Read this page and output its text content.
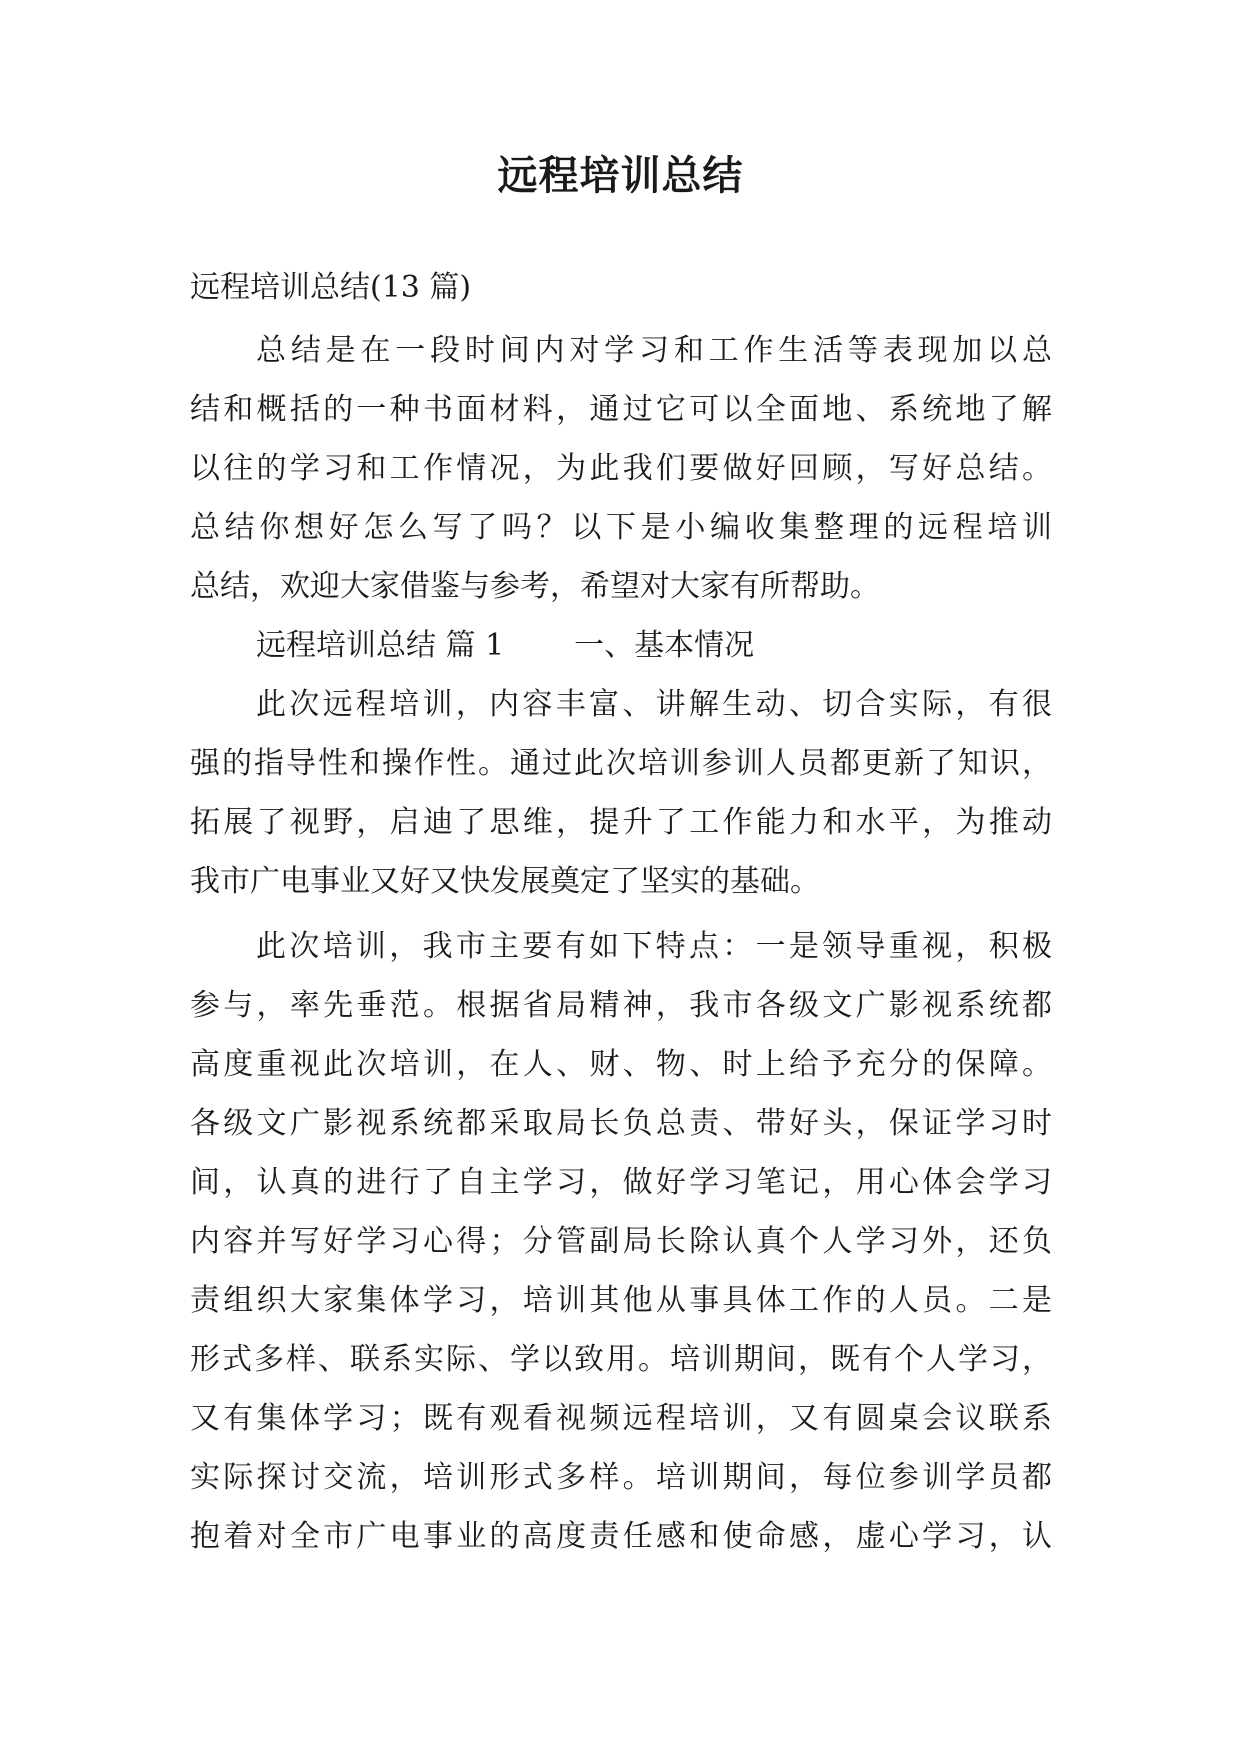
远程培训总结
远程培训总结(13 篇)
总结是在一段时间内对学习和工作生活等表现加以总
结和概括的一种书面材料，通过它可以全面地、系统地了解
以往的学习和工作情况，为此我们要做好回顾，写好总结。
总结你想好怎么写了吗？以下是小编收集整理的远程培训
总结，欢迎大家借鉴与参考，希望对大家有所帮助。
远程培训总结 篇 1 一、基本情况
此次远程培训，内容丰富、讲解生动、切合实际，有很
强的指导性和操作性。通过此次培训参训人员都更新了知识，
拓展了视野，启迪了思维，提升了工作能力和水平，为推动
我市广电事业又好又快发展奠定了坚实的基础。
此次培训，我市主要有如下特点：一是领导重视，积极
参与，率先垂范。根据省局精神，我市各级文广影视系统都
高度重视此次培训，在人、财、物、时上给予充分的保障。
各级文广影视系统都采取局长负总责、带好头，保证学习时
间，认真的进行了自主学习，做好学习笔记，用心体会学习
内容并写好学习心得；分管副局长除认真个人学习外，还负
责组织大家集体学习，培训其他从事具体工作的人员。二是
形式多样、联系实际、学以致用。培训期间，既有个人学习，
又有集体学习；既有观看视频远程培训，又有圆桌会议联系
实际探讨交流，培训形式多样。培训期间，每位参训学员都
抱着对全市广电事业的高度责任感和使命感，虚心学习，认
